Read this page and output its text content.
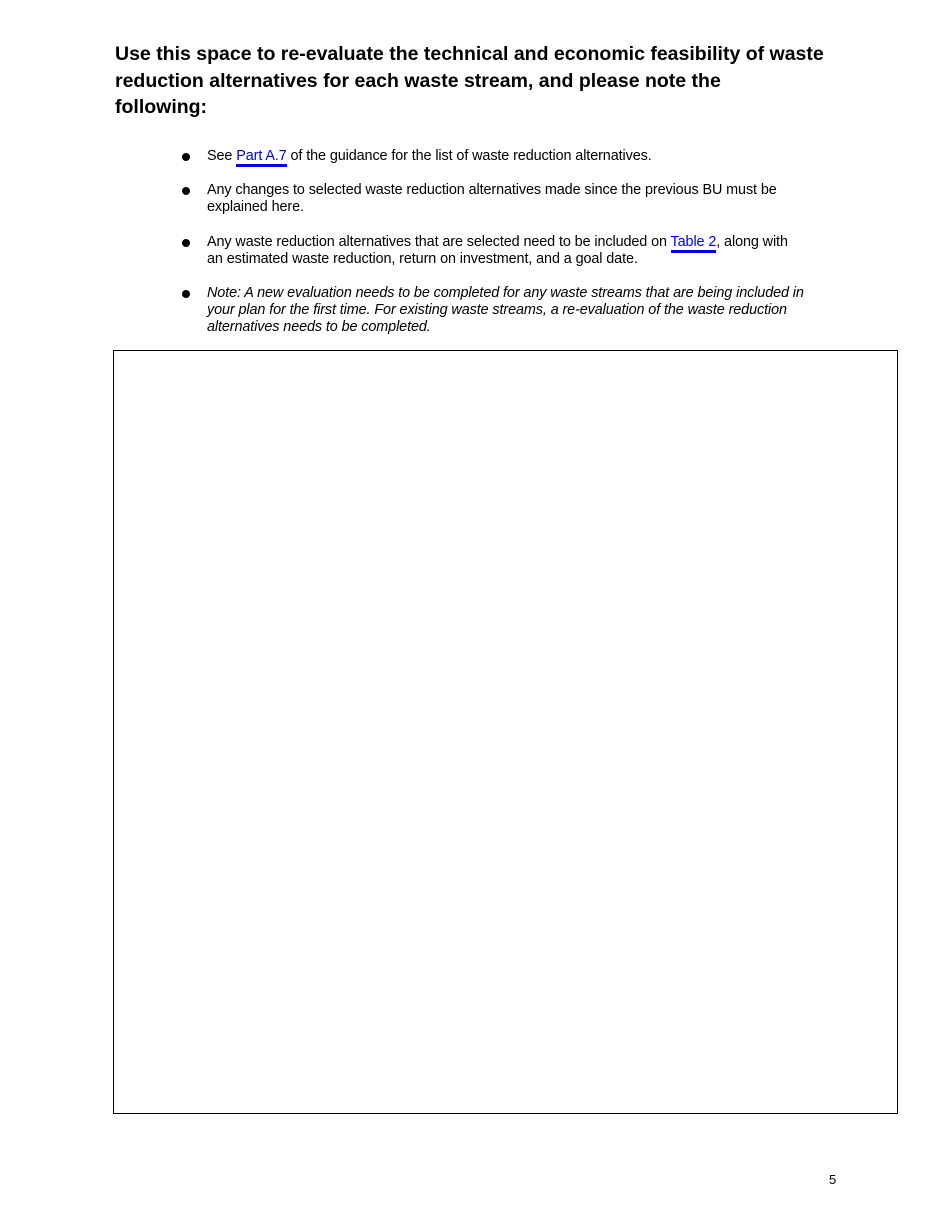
Use this space to re-evaluate the technical and economic feasibility of waste
reduction alternatives for each waste stream, and please note the
following:
See Part A.7 of the guidance for the list of waste reduction alternatives.
Any changes to selected waste reduction alternatives made since the previous BU must be
explained here.
Any waste reduction alternatives that are selected need to be included on Table 2, along with
an estimated waste reduction, return on investment, and a goal date.
Note: A new evaluation needs to be completed for any waste streams that are being included in
your plan for the first time. For existing waste streams, a re-evaluation of the waste reduction
alternatives needs to be completed.
5
